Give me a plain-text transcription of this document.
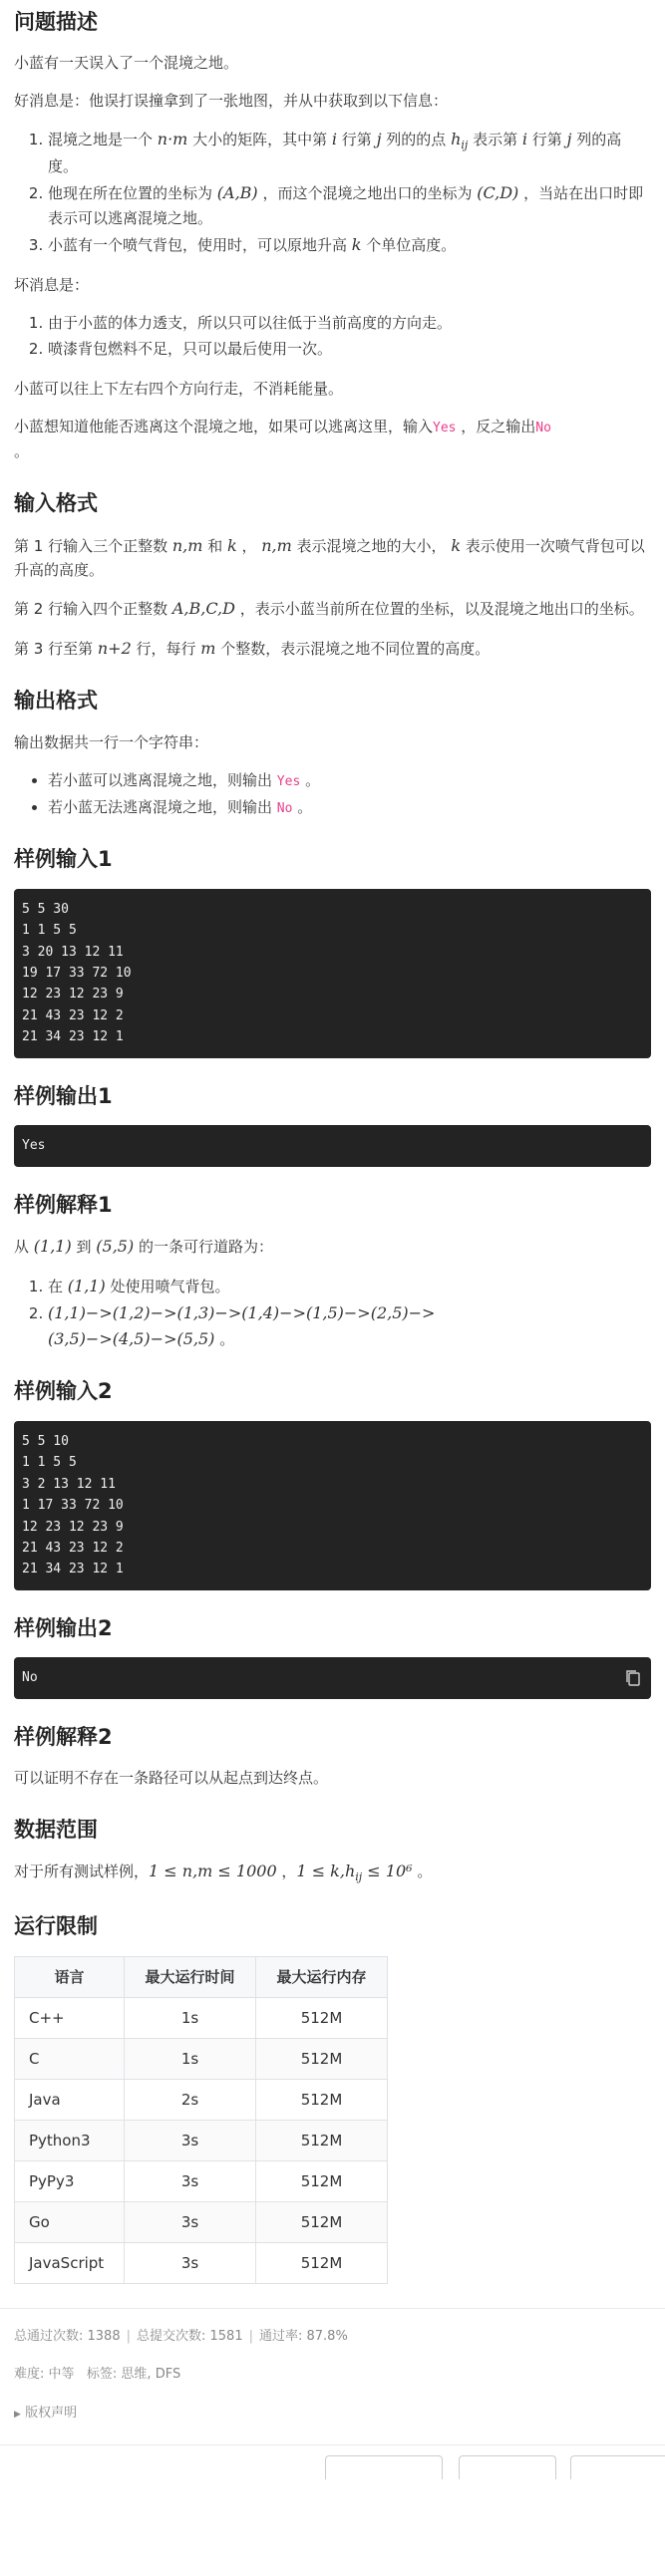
问题描述

小蓝有一天误入了一个混境之地。

好消息是：他误打误撞拿到了一张地图，并从中获取到以下信息：

1. 混境之地是一个 n·m 大小的矩阵，其中第 i 行第 j 列的的点 $h_{ij}$ 表示第 i 行第 j 列的高度。
2. 他现在所在位置的坐标为 (A,B) ，而这个混境之地出口的坐标为 (C,D) ，当站在出口时即表示可以逃离混境之地。
3. 小蓝有一个喷气背包，使用时，可以原地升高 k 个单位高度。

坏消息是：

1. 由于小蓝的体力透支，所以只可以往低于当前高度的方向走。
2. 喷漆背包燃料不足，只可以最后使用一次。

小蓝可以往上下左右四个方向行走，不消耗能量。

小蓝想知道他能否逃离这个混境之地，如果可以逃离这里，输入Yes ，反之输出No
。

输入格式

第 1 行输入三个正整数 n,m 和 k ， n,m 表示混境之地的大小， k 表示使用一次喷气背包可以升高的高度。

第 2 行输入四个正整数 A,B,C,D ，表示小蓝当前所在位置的坐标，以及混境之地出口的坐标。

第 3 行至第 n+2 行，每行 m 个整数，表示混境之地不同位置的高度。

输出格式

输出数据共一行一个字符串：

• 若小蓝可以逃离混境之地，则输出 Yes 。
• 若小蓝无法逃离混境之地，则输出 No 。
样例输入1
5 5 30
1 1 5 5
3 20 13 12 11
19 17 33 72 10
12 23 12 23 9
21 43 23 12 2
21 34 23 12 1
样例输出1
Yes
样例解释1

从 (1,1) 到 (5,5) 的一条可行道路为：

1. 在 (1,1) 处使用喷气背包。
2. (1,1)−>(1,2)−>(1,3)−>(1,4)−>(1,5)−>(2,5)−>
(3,5)−>(4,5)−>(5,5) 。
样例输入2
5 5 10
1 1 5 5
3 2 13 12 11
1 17 33 72 10
12 23 12 23 9
21 43 23 12 2
21 34 23 12 1
样例输出2
No
样例解释2

可以证明不存在一条路径可以从起点到达终点。

数据范围

对于所有测试样例，1 ≤ n,m ≤ 1000 ，$1 \le k,h_{ij} \le 10^6$ 。

运行限制
语言	最大运行时间	最大运行内存
C++	1s	512M
C	1s	512M
Java	2s	512M
Python3	3s	512M
PyPy3	3s	512M
Go	3s	512M
JavaScript	3s	512M
总通过次数: 1388 | 总提交次数: 1581 | 通过率: 87.8%
难度: 中等 标签: 思维, DFS
▶ 版权声明
